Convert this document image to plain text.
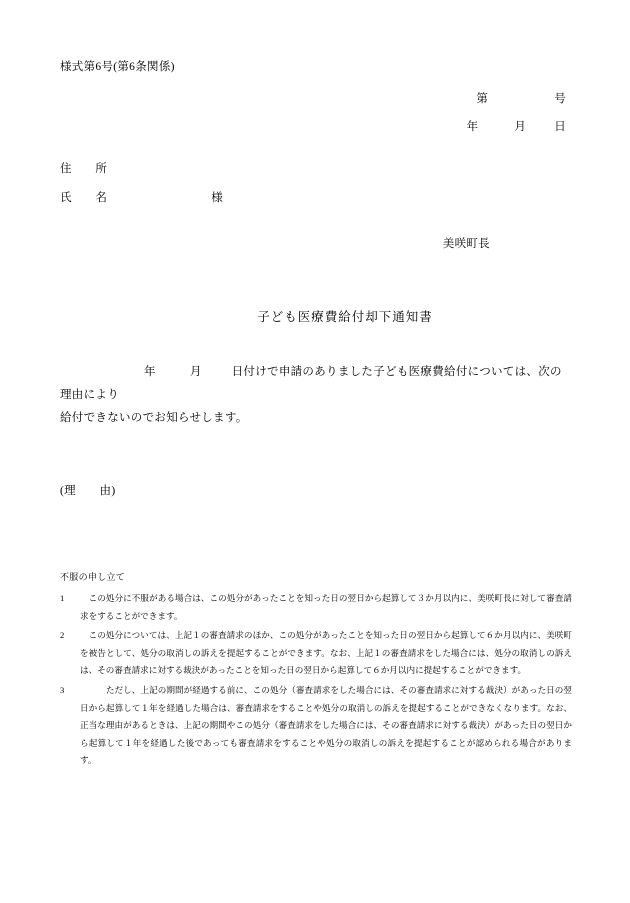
様式第6号(第6条関係)
第	号
年	月 日
住　　所
氏　　名	様
美咲町長
子ども医療費給付却下通知書
年	月	日付けで申請のありました子ども医療費給付については、次の理由により
給付できないのでお知らせします。
(理　　由)
不服の申し立て
1	　この処分に不服がある場合は、この処分があったことを知った日の翌日から起算して３か月以内に、美咲町長に対して審査請求をすることができます。
2	　この処分については、上記１の審査請求のほか、この処分があったことを知った日の翌日から起算して６か月以内に、美咲町を被告として、処分の取消しの訴えを提起することができます。なお、上記１の審査請求をした場合には、処分の取消しの訴えは、その審査請求に対する裁決があったことを知った日の翌日から起算して６か月以内に提起することができます。
3	　　　ただし、上記の期間が経過する前に、この処分（審査請求をした場合には、その審査請求に対する裁決）があった日の翌日から起算して１年を経過した場合は、審査請求をすることや処分の取消しの訴えを提起することができなくなります。なお、正当な理由があるときは、上記の期間やこの処分（審査請求をした場合には、その審査請求に対する裁決）があった日の翌日から起算して１年を経過した後であっても審査請求をすることや処分の取消しの訴えを提起することが認められる場合があります。
